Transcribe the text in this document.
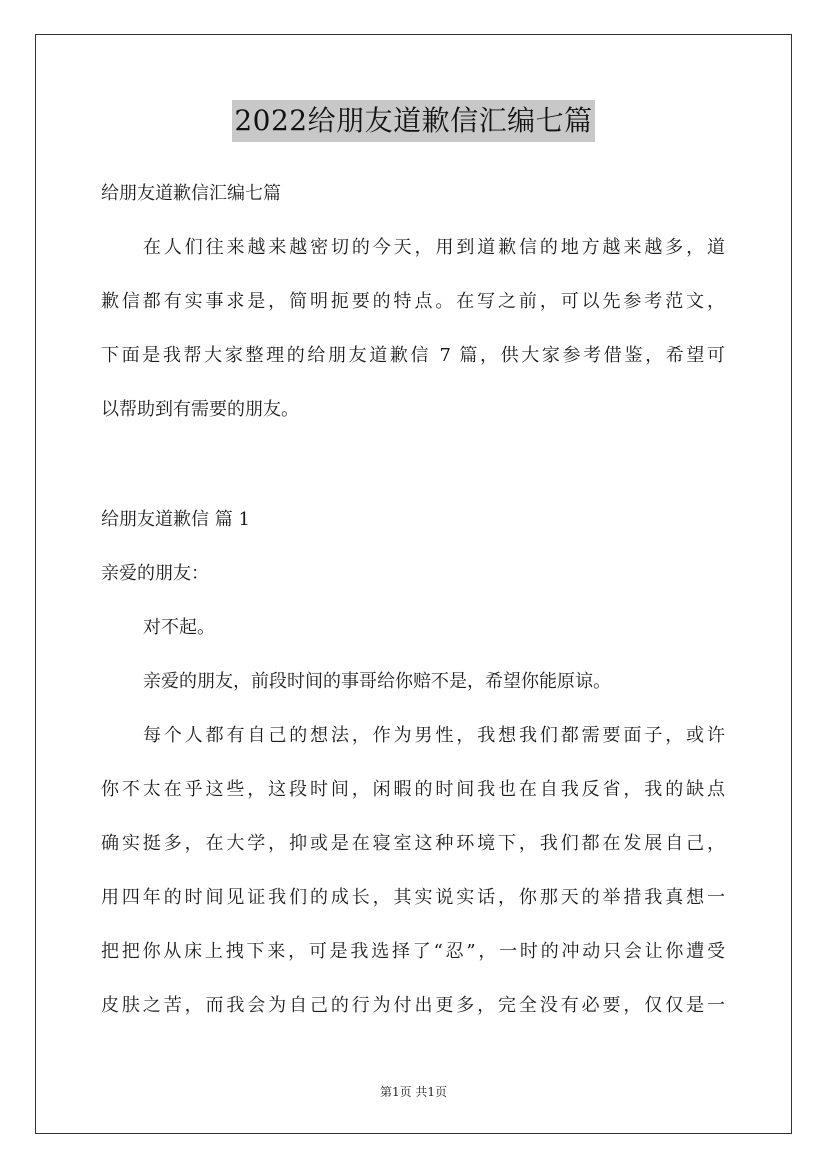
2022给朋友道歉信汇编七篇
给朋友道歉信汇编七篇
在人们往来越来越密切的今天，用到道歉信的地方越来越多，道
歉信都有实事求是，简明扼要的特点。在写之前，可以先参考范文，
下面是我帮大家整理的给朋友道歉信 7 篇，供大家参考借鉴，希望可
以帮助到有需要的朋友。
给朋友道歉信 篇 1
亲爱的朋友：
对不起。
亲爱的朋友，前段时间的事哥给你赔不是，希望你能原谅。
每个人都有自己的想法，作为男性，我想我们都需要面子，或许
你不太在乎这些，这段时间，闲暇的时间我也在自我反省，我的缺点
确实挺多，在大学，抑或是在寝室这种环境下，我们都在发展自己，
用四年的时间见证我们的成长，其实说实话，你那天的举措我真想一
把把你从床上拽下来，可是我选择了“忍”，一时的冲动只会让你遭受
皮肤之苦，而我会为自己的行为付出更多，完全没有必要，仅仅是一
第1页 共1页
